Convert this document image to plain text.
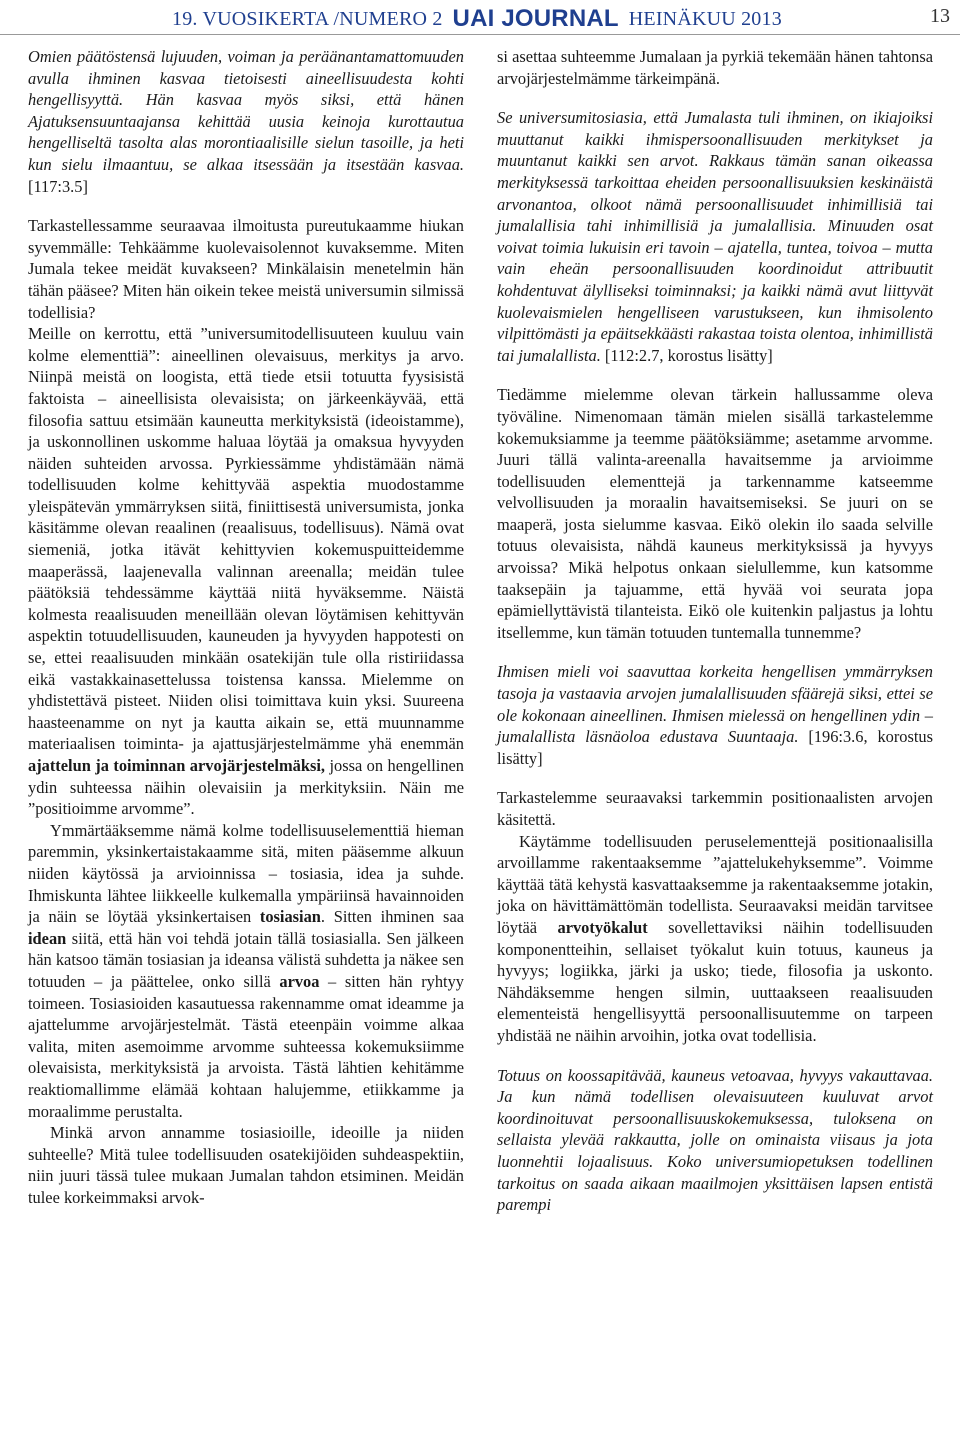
19. VUOSIKERTA /NUMERO 2 UAI JOURNAL HEINÄKUU 2013	13

Omien päätöstensä lujuuden, voiman ja peräänantamattomuuden avulla ihminen kasvaa tietoisesti aineellisuudesta kohti hengellisyyttä. Hän kasvaa myös siksi, että hänen Ajatuksensuuntaajansa kehittää uusia keinoja kurottautua hengelliseltä tasolta alas morontiaalisille sielun tasoille, ja heti kun sielu ilmaantuu, se alkaa itsessään ja itsestään kasvaa. [117:3.5]

Tarkastellessamme seuraavaa ilmoitusta pureutukaamme hiukan syvemmälle: Tehkäämme kuolevaisolennot kuvaksemme. Miten Jumala tekee meidät kuvakseen? Minkälaisin menetelmin hän tähän pääsee? Miten hän oikein tekee meistä universumin silmissä todellisia?

Meille on kerrottu, että ”universumitodellisuuteen kuuluu vain kolme elementtiä”: aineellinen olevaisuus, merkitys ja arvo. Niinpä meistä on loogista, että tiede etsii totuutta fyysisistä faktoista – aineellisista olevaisista; on järkeenkäyvää, että filosofia sattuu etsimään kauneutta merkityksistä (ideoistamme), ja uskonnollinen uskomme haluaa löytää ja omaksua hyvyyden näiden suhteiden arvossa. Pyrkiessämme yhdistämään nämä todellisuuden kolme kehittyvää aspektia muodostamme yleispätevän ymmärryksen siitä, finiittisestä universumista, jonka käsitämme olevan reaalinen (reaalisuus, todellisuus). Nämä ovat siemeniä, jotka itävät kehittyvien kokemuspuitteidemme maaperässä, laajenevalla valinnan areenalla; meidän tulee päätöksiä tehdessämme käyttää niitä hyväksemme. Näistä kolmesta reaalisuuden meneillään olevan löytämisen kehittyvän aspektin totuudellisuuden, kauneuden ja hyvyyden happotesti on se, ettei reaalisuuden minkään osatekijän tule olla ristiriidassa eikä vastakkainasettelussa toistensa kanssa. Mielemme on yhdistettävä pisteet. Niiden olisi toimittava kuin yksi. Suureena haasteenamme on nyt ja kautta aikain se, että muunnamme materiaalisen toiminta- ja ajattusjärjestelmämme yhä enemmän ajattelun ja toiminnan arvojärjestelmäksi, jossa on hengellinen ydin suhteessa näihin olevaisiin ja merkityksiin. Näin me ”positioimme arvomme”.

Ymmärtääksemme nämä kolme todellisuuselementtiä hieman paremmin, yksinkertaistakaamme sitä, miten pääsemme alkuun niiden käytössä ja arvioinnissa – tosiasia, idea ja suhde. Ihmiskunta lähtee liikkeelle kulkemalla ympäriinsä havainnoiden ja näin se löytää yksinkertaisen tosiasian. Sitten ihminen saa idean siitä, että hän voi tehdä jotain tällä tosiasialla. Sen jälkeen hän katsoo tämän tosiasian ja ideansa välistä suhdetta ja näkee sen totuuden – ja päättelee, onko sillä arvoa – sitten hän ryhtyy toimeen. Tosiasioiden kasautuessa rakennamme omat ideamme ja ajattelumme arvojärjestelmät. Tästä eteenpäin voimme alkaa valita, miten asemoimme arvomme suhteessa kokemuksiimme olevaisista, merkityksistä ja arvoista. Tästä lähtien kehitämme reaktiomallimme elämää kohtaan halujemme, etiikkamme ja moraalimme perustalta.

Minkä arvon annamme tosiasioille, ideoille ja niiden suhteelle? Mitä tulee todellisuuden osatekijöiden suhdeaspektiin, niin juuri tässä tulee mukaan Jumalan tahdon etsiminen. Meidän tulee korkeimmaksi arvok-

si asettaa suhteemme Jumalaan ja pyrkiä tekemään hänen tahtonsa arvojärjestelmämme tärkeimpänä.

Se universumitosiasia, että Jumalasta tuli ihminen, on ikiajoiksi muuttanut kaikki ihmispersoonallisuuden merkitykset ja muuntanut kaikki sen arvot. Rakkaus tämän sanan oikeassa merkityksessä tarkoittaa eheiden persoonallisuuksien keskinäistä arvonantoa, olkoot nämä persoonallisuudet inhimillisiä tai jumalallisia tahi inhimillisiä ja jumalallisia. Minuuden osat voivat toimia lukuisin eri tavoin – ajatella, tuntea, toivoa – mutta vain eheän persoonallisuuden koordinoidut attribuutit kohdentuvat älylliseksi toiminnaksi; ja kaikki nämä avut liittyvät kuolevaismielen hengelliseen varustukseen, kun ihmisolento vilpittömästi ja epäitsekkäästi rakastaa toista olentoa, inhimillistä tai jumalallista. [112:2.7, korostus lisätty]

Tiedämme mielemme olevan tärkein hallussamme oleva työväline. Nimenomaan tämän mielen sisällä tarkastelemme kokemuksiamme ja teemme päätöksiämme; asetamme arvomme. Juuri tällä valinta-areenalla havaitsemme ja arvioimme todellisuuden elementtejä ja tarkennamme katseemme velvollisuuden ja moraalin havaitsemiseksi. Se juuri on se maaperä, josta sielumme kasvaa. Eikö olekin ilo saada selville totuus olevaisista, nähdä kauneus merkityksissä ja hyvyys arvoissa? Mikä helpotus onkaan sielullemme, kun katsomme taaksepäin ja tajuamme, että hyvää voi seurata jopa epämiellyttävistä tilanteista. Eikö ole kuitenkin paljastus ja lohtu itsellemme, kun tämän totuuden tuntemalla tunnemme?

Ihmisen mieli voi saavuttaa korkeita hengellisen ymmärryksen tasoja ja vastaavia arvojen jumalallisuuden sfäärejä siksi, ettei se ole kokonaan aineellinen. Ihmisen mielessä on hengellinen ydin – jumalallista läsnäoloa edustava Suuntaaja. [196:3.6, korostus lisätty]

Tarkastelemme seuraavaksi tarkemmin positionaalisten arvojen käsitettä.

Käytämme todellisuuden peruselementtejä positionaalisilla arvoillamme rakentaaksemme ”ajattelukehyksemme”. Voimme käyttää tätä kehystä kasvattaaksemme ja rakentaaksemme jotakin, joka on hävittämättömän todellista. Seuraavaksi meidän tarvitsee löytää arvotyökalut sovellettaviksi näihin todellisuuden komponentteihin, sellaiset työkalut kuin totuus, kauneus ja hyvyys; logiikka, järki ja usko; tiede, filosofia ja uskonto. Nähdäksemme hengen silmin, uuttaakseen reaalisuuden elementeistä hengellisyyttä persoonallisuutemme on tarpeen yhdistää ne näihin arvoihin, jotka ovat todellisia.

Totuus on koossapitävää, kauneus vetoavaa, hyvyys vakauttavaa. Ja kun nämä todellisen olevaisuuteen kuuluvat arvot koordinoituvat persoonallisuuskokemuksessa, tuloksena on sellaista ylevää rakkautta, jolle on ominaista viisaus ja jota luonnehtii lojaalisuus. Koko universumiopetuksen todellinen tarkoitus on saada aikaan maailmojen yksittäisen lapsen entistä parempi
